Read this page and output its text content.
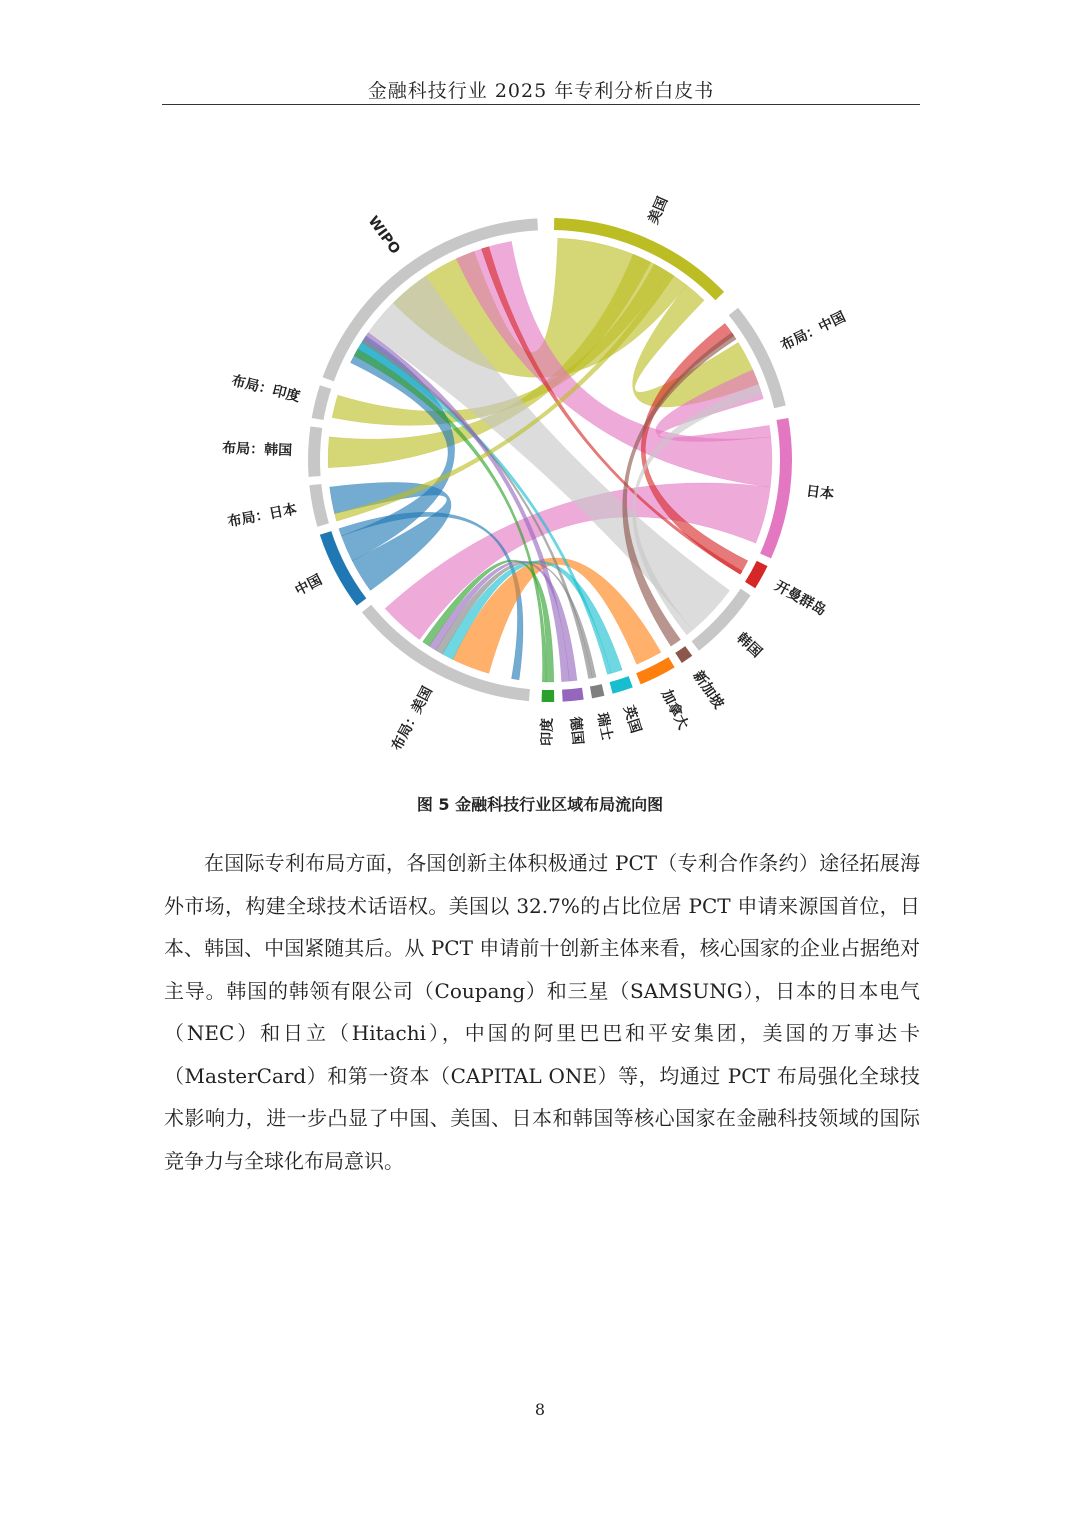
金融科技行业 2025 年专利分析白皮书
美国
布局：中国
日本
开曼群岛
韩国
新加坡
加拿大
英国
瑞士
德国
印度
布局：美国
中国
布局：日本
布局：韩国
布局：印度
WIPO
图 5 金融科技行业区域布局流向图

在国际专利布局方面，各国创新主体积极通过 PCT（专利合作条约）途径拓展海外市场，构建全球技术话语权。美国以 32.7%的占比位居 PCT 申请来源国首位，日本、韩国、中国紧随其后。从 PCT 申请前十创新主体来看，核心国家的企业占据绝对主导。韩国的韩领有限公司（Coupang）和三星（SAMSUNG），日本的日本电气（NEC）和日立（Hitachi），中国的阿里巴巴和平安集团，美国的万事达卡（MasterCard）和第一资本（CAPITAL ONE）等，均通过 PCT 布局强化全球技术影响力，进一步凸显了中国、美国、日本和韩国等核心国家在金融科技领域的国际竞争力与全球化布局意识。

8
